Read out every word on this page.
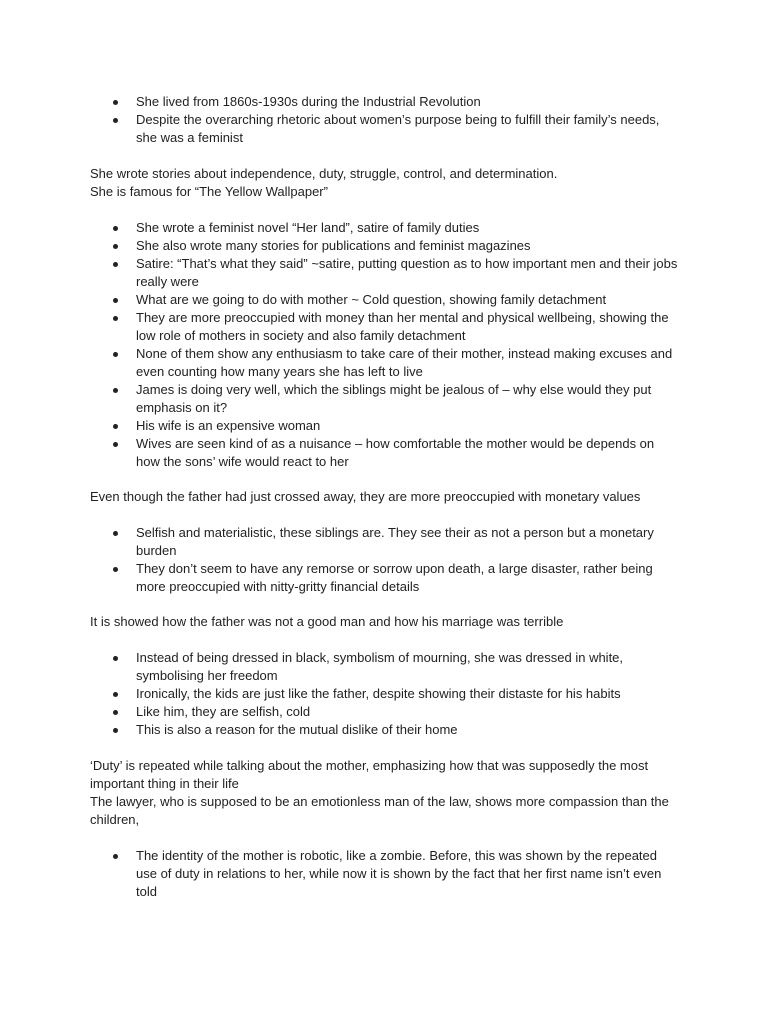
She lived from 1860s-1930s during the Industrial Revolution
Despite the overarching rhetoric about women’s purpose being to fulfill their family’s needs, she was a feminist

She wrote stories about independence, duty, struggle, control, and determination.

She is famous for “The Yellow Wallpaper”

She wrote a feminist novel “Her land”, satire of family duties
She also wrote many stories for publications and feminist magazines
Satire: “That’s what they said” ~satire, putting question as to how important men and their jobs really were
What are we going to do with mother ~ Cold question, showing family detachment
They are more preoccupied with money than her mental and physical wellbeing, showing the low role of mothers in society and also family detachment
None of them show any enthusiasm to take care of their mother, instead making excuses and even counting how many years she has left to live
James is doing very well, which the siblings might be jealous of – why else would they put emphasis on it?
His wife is an expensive woman
Wives are seen kind of as a nuisance – how comfortable the mother would be depends on how the sons’ wife would react to her

Even though the father had just crossed away, they are more preoccupied with monetary values

Selfish and materialistic, these siblings are. They see their as not a person but a monetary burden
They don’t seem to have any remorse or sorrow upon death, a large disaster, rather being more preoccupied with nitty-gritty financial details

It is showed how the father was not a good man and how his marriage was terrible

Instead of being dressed in black, symbolism of mourning, she was dressed in white, symbolising her freedom
Ironically, the kids are just like the father, despite showing their distaste for his habits
Like him, they are selfish, cold
This is also a reason for the mutual dislike of their home

‘Duty’ is repeated while talking about the mother, emphasizing how that was supposedly the most important thing in their life

The lawyer, who is supposed to be an emotionless man of the law, shows more compassion than the children,

The identity of the mother is robotic, like a zombie. Before, this was shown by the repeated use of duty in relations to her, while now it is shown by the fact that her first name isn’t even told
